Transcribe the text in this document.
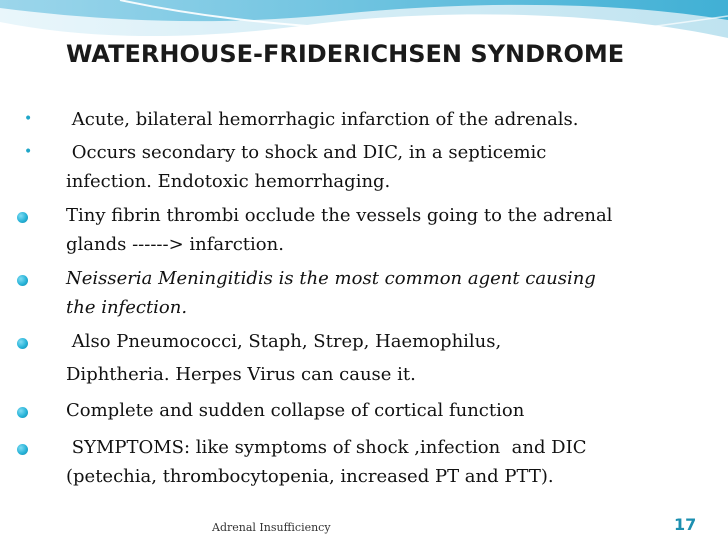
WATERHOUSE-FRIDERICHSEN SYNDROME
• Acute, bilateral hemorrhagic infarction of the adrenals.
• Occurs secondary to shock and DIC, in a septicemic
infection. Endotoxic hemorrhaging.
Tiny fibrin thrombi occlude the vessels going to the adrenal
glands ------> infarction.
Neisseria Meningitidis is the most common agent causing
the infection.
Also Pneumococci, Staph, Strep, Haemophilus,
Diphtheria. Herpes Virus can cause it.
Complete and sudden collapse of cortical function
SYMPTOMS: like symptoms of shock ,infection  and DIC
(petechia, thrombocytopenia, increased PT and PTT).
Adrenal Insufficiency	17
